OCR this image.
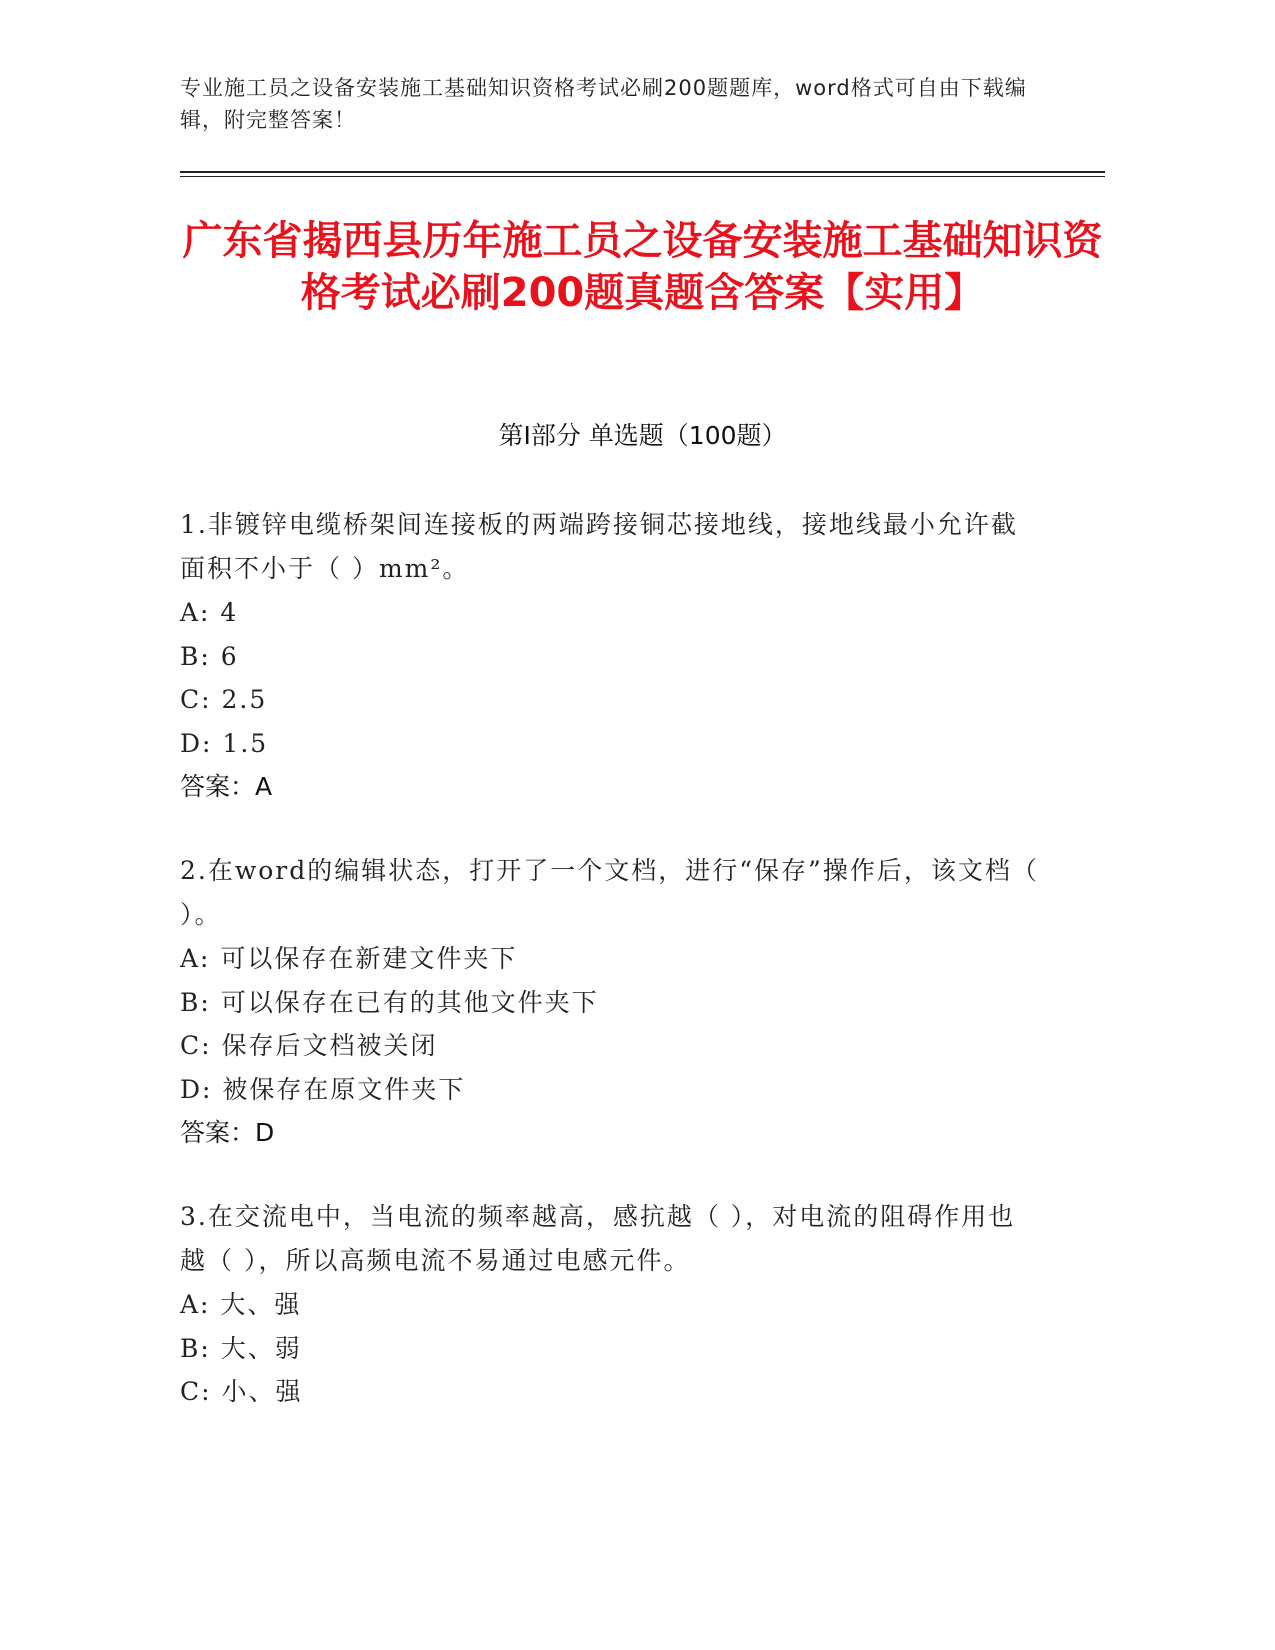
专业施工员之设备安装施工基础知识资格考试必刷200题题库，word格式可自由下载编辑，附完整答案！
广东省揭西县历年施工员之设备安装施工基础知识资格考试必刷200题真题含答案【实用】
第Ⅰ部分 单选题（100题）
1.非镀锌电缆桥架间连接板的两端跨接铜芯接地线，接地线最小允许截面积不小于（ ）mm²。
A: 4
B: 6
C: 2.5
D: 1.5
答案：A
2.在word的编辑状态，打开了一个文档，进行“保存”操作后，该文档（ ）。
A: 可以保存在新建文件夹下
B: 可以保存在已有的其他文件夹下
C: 保存后文档被关闭
D: 被保存在原文件夹下
答案：D
3.在交流电中，当电流的频率越高，感抗越（ ），对电流的阻碍作用也越（ ），所以高频电流不易通过电感元件。
A: 大、强
B: 大、弱
C: 小、强
